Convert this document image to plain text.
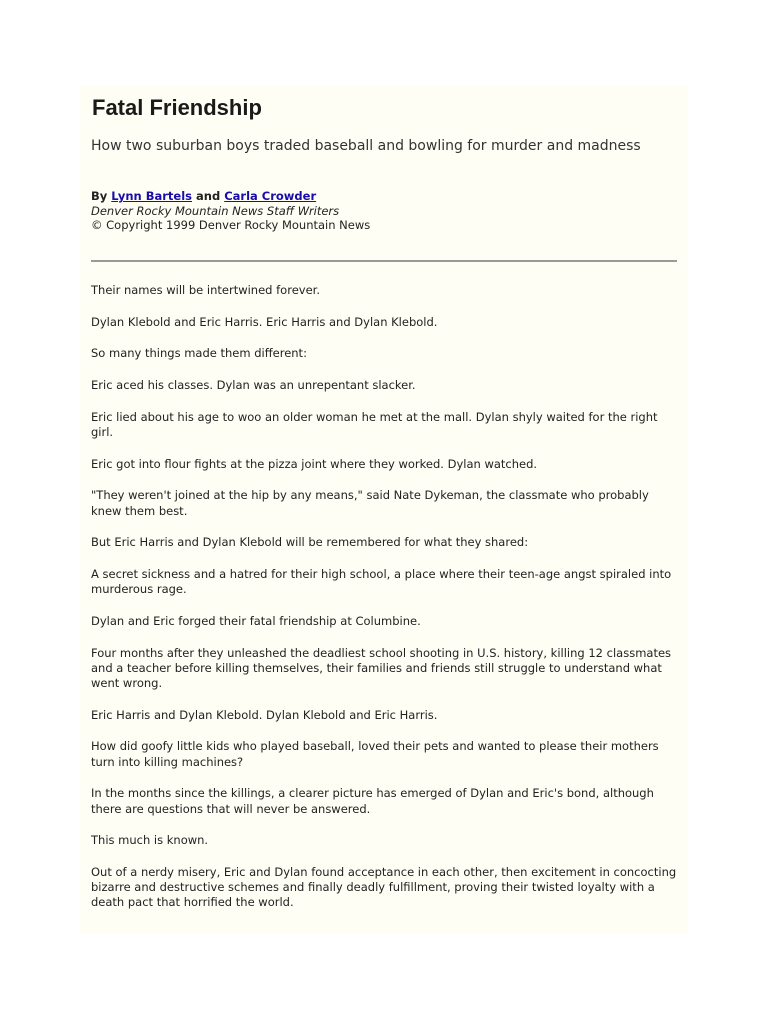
Fatal Friendship

How two suburban boys traded baseball and bowling for murder and madness

By Lynn Bartels and Carla Crowder
Denver Rocky Mountain News Staff Writers
© Copyright 1999 Denver Rocky Mountain News

Their names will be intertwined forever.

Dylan Klebold and Eric Harris. Eric Harris and Dylan Klebold.

So many things made them different:

Eric aced his classes. Dylan was an unrepentant slacker.

Eric lied about his age to woo an older woman he met at the mall. Dylan shyly waited for the right girl.

Eric got into flour fights at the pizza joint where they worked. Dylan watched.

"They weren't joined at the hip by any means," said Nate Dykeman, the classmate who probably knew them best.

But Eric Harris and Dylan Klebold will be remembered for what they shared:

A secret sickness and a hatred for their high school, a place where their teen-age angst spiraled into murderous rage.

Dylan and Eric forged their fatal friendship at Columbine.

Four months after they unleashed the deadliest school shooting in U.S. history, killing 12 classmates and a teacher before killing themselves, their families and friends still struggle to understand what went wrong.

Eric Harris and Dylan Klebold. Dylan Klebold and Eric Harris.

How did goofy little kids who played baseball, loved their pets and wanted to please their mothers turn into killing machines?

In the months since the killings, a clearer picture has emerged of Dylan and Eric's bond, although there are questions that will never be answered.

This much is known.

Out of a nerdy misery, Eric and Dylan found acceptance in each other, then excitement in concocting bizarre and destructive schemes and finally deadly fulfillment, proving their twisted loyalty with a death pact that horrified the world.
